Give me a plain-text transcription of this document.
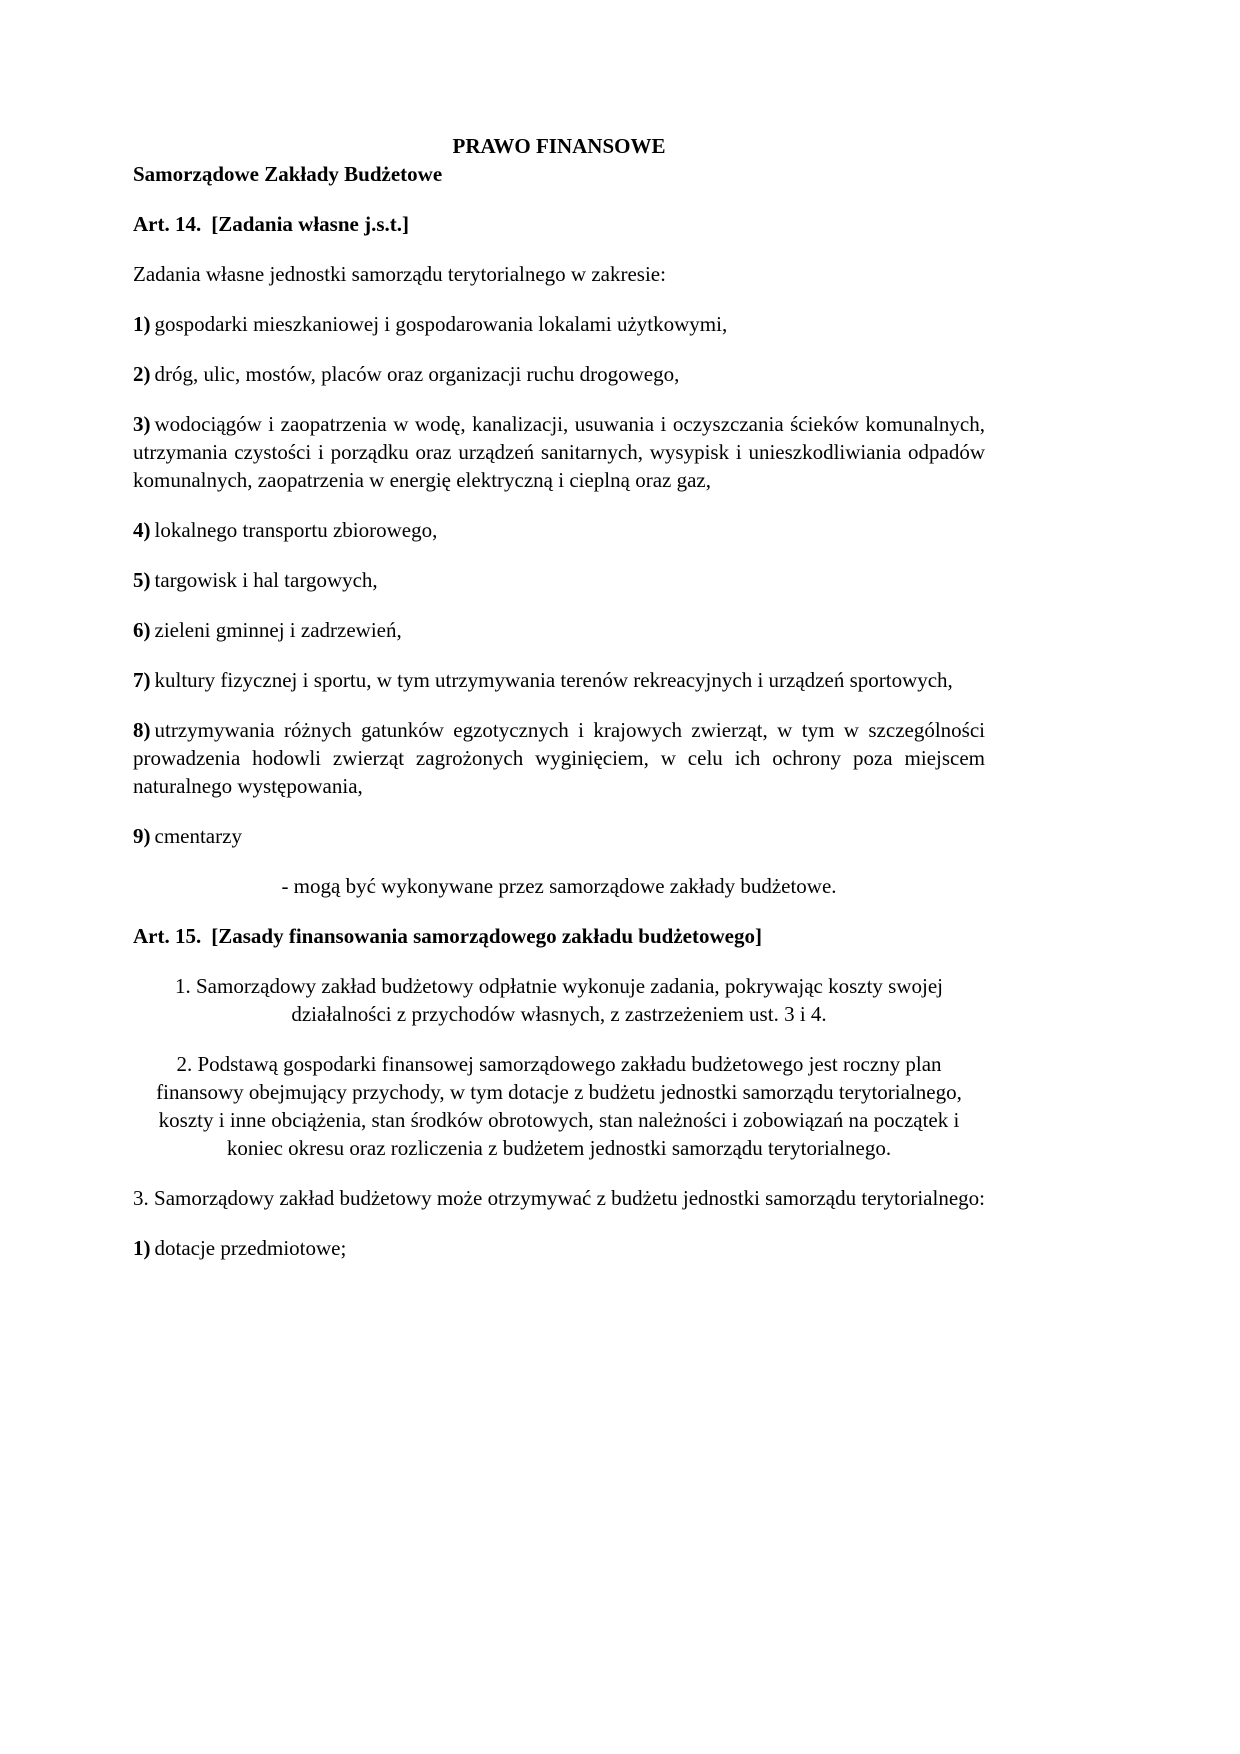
PRAWO FINANSOWE

Samorządowe Zakłady Budżetowe

Art. 14. [Zadania własne j.s.t.]

Zadania własne jednostki samorządu terytorialnego w zakresie:

1) gospodarki mieszkaniowej i gospodarowania lokalami użytkowymi,

2) dróg, ulic, mostów, placów oraz organizacji ruchu drogowego,

3) wodociągów i zaopatrzenia w wodę, kanalizacji, usuwania i oczyszczania ścieków komunalnych, utrzymania czystości i porządku oraz urządzeń sanitarnych, wysypisk i unieszkodliwiania odpadów komunalnych, zaopatrzenia w energię elektryczną i cieplną oraz gaz,

4) lokalnego transportu zbiorowego,

5) targowisk i hal targowych,

6) zieleni gminnej i zadrzewień,

7) kultury fizycznej i sportu, w tym utrzymywania terenów rekreacyjnych i urządzeń sportowych,

8) utrzymywania różnych gatunków egzotycznych i krajowych zwierząt, w tym w szczególności prowadzenia hodowli zwierząt zagrożonych wyginięciem, w celu ich ochrony poza miejscem naturalnego występowania,

9) cmentarzy

- mogą być wykonywane przez samorządowe zakłady budżetowe.

Art. 15. [Zasady finansowania samorządowego zakładu budżetowego]

1. Samorządowy zakład budżetowy odpłatnie wykonuje zadania, pokrywając koszty swojej działalności z przychodów własnych, z zastrzeżeniem ust. 3 i 4.

2. Podstawą gospodarki finansowej samorządowego zakładu budżetowego jest roczny plan finansowy obejmujący przychody, w tym dotacje z budżetu jednostki samorządu terytorialnego, koszty i inne obciążenia, stan środków obrotowych, stan należności i zobowiązań na początek i koniec okresu oraz rozliczenia z budżetem jednostki samorządu terytorialnego.

3. Samorządowy zakład budżetowy może otrzymywać z budżetu jednostki samorządu terytorialnego:

1) dotacje przedmiotowe;
